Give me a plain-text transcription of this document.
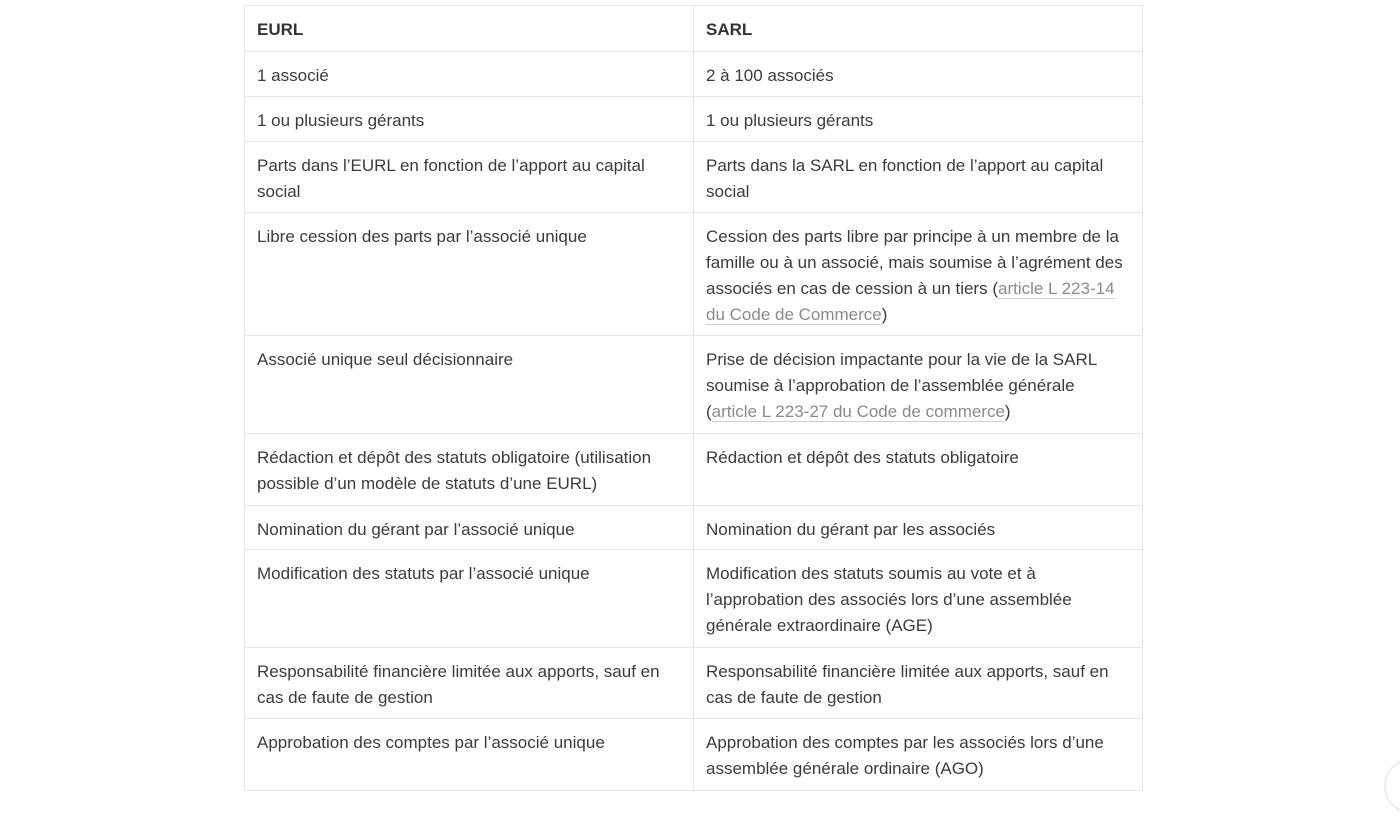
EURL	SARL
1 associé	2 à 100 associés
1 ou plusieurs gérants	1 ou plusieurs gérants
Parts dans l’EURL en fonction de l’apport au capital social	Parts dans la SARL en fonction de l’apport au capital social
Libre cession des parts par l’associé unique	Cession des parts libre par principe à un membre de la famille ou à un associé, mais soumise à l’agrément des associés en cas de cession à un tiers (article L 223-14 du Code de Commerce)
Associé unique seul décisionnaire	Prise de décision impactante pour la vie de la SARL soumise à l’approbation de l’assemblée générale (article L 223-27 du Code de commerce)
Rédaction et dépôt des statuts obligatoire (utilisation possible d’un modèle de statuts d’une EURL)	Rédaction et dépôt des statuts obligatoire
Nomination du gérant par l’associé unique	Nomination du gérant par les associés
Modification des statuts par l’associé unique	Modification des statuts soumis au vote et à l’approbation des associés lors d’une assemblée générale extraordinaire (AGE)
Responsabilité financière limitée aux apports, sauf en cas de faute de gestion	Responsabilité financière limitée aux apports, sauf en cas de faute de gestion
Approbation des comptes par l’associé unique	Approbation des comptes par les associés lors d’une assemblée générale ordinaire (AGO)
